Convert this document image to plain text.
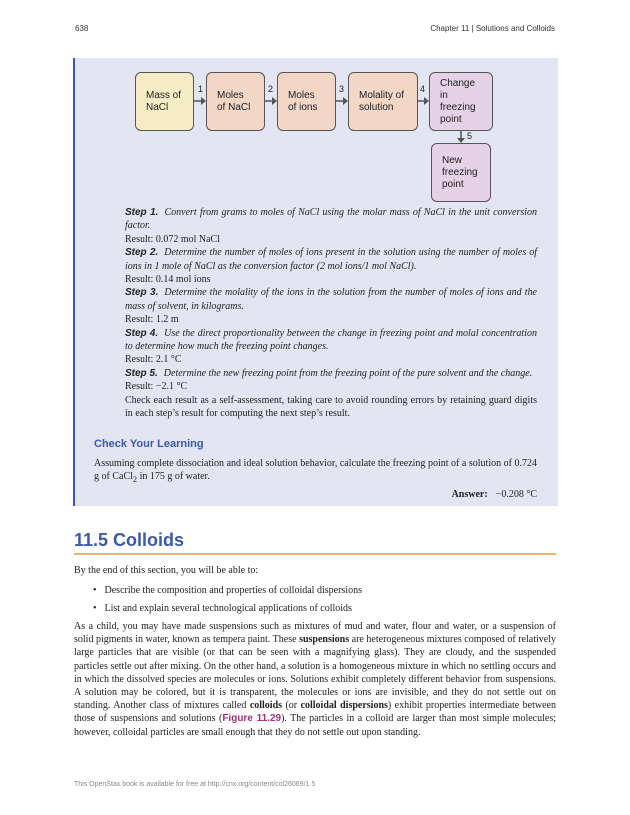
638	Chapter 11 | Solutions and Colloids
Mass of NaCl
Moles of NaCl
Moles of ions
Molality of solution
Change in freezing point
New freezing point
1	2	3	4
5

Step 1. Convert from grams to moles of NaCl using the molar mass of NaCl in the unit conversion factor.

Result: 0.072 mol NaCl

Step 2. Determine the number of moles of ions present in the solution using the number of moles of ions in 1 mole of NaCl as the conversion factor (2 mol ions/1 mol NaCl).

Result: 0.14 mol ions

Step 3. Determine the molality of the ions in the solution from the number of moles of ions and the mass of solvent, in kilograms.

Result: 1.2 m

Step 4. Use the direct proportionality between the change in freezing point and molal concentration to determine how much the freezing point changes.

Result: 2.1 °C

Step 5. Determine the new freezing point from the freezing point of the pure solvent and the change.

Result: −2.1 °C

Check each result as a self-assessment, taking care to avoid rounding errors by retaining guard digits in each step’s result for computing the next step’s result.

Check Your Learning
Assuming complete dissociation and ideal solution behavior, calculate the freezing point of a solution of 0.724 g of CaCl$_2$ in 175 g of water.
Answer: −0.208 °C
11.5 Colloids
By the end of this section, you will be able to:
• Describe the composition and properties of colloidal dispersions
• List and explain several technological applications of colloids

As a child, you may have made suspensions such as mixtures of mud and water, flour and water, or a suspension of solid pigments in water, known as tempera paint. These suspensions are heterogeneous mixtures composed of relatively large particles that are visible (or that can be seen with a magnifying glass). They are cloudy, and the suspended particles settle out after mixing. On the other hand, a solution is a homogeneous mixture in which no settling occurs and in which the dissolved species are molecules or ions. Solutions exhibit completely different behavior from suspensions. A solution may be colored, but it is transparent, the molecules or ions are invisible, and they do not settle out on standing. Another class of mixtures called colloids (or colloidal dispersions) exhibit properties intermediate between those of suspensions and solutions (Figure 11.29). The particles in a colloid are larger than most simple molecules; however, colloidal particles are small enough that they do not settle out upon standing.

This OpenStax book is available for free at http://cnx.org/content/col26069/1.5
